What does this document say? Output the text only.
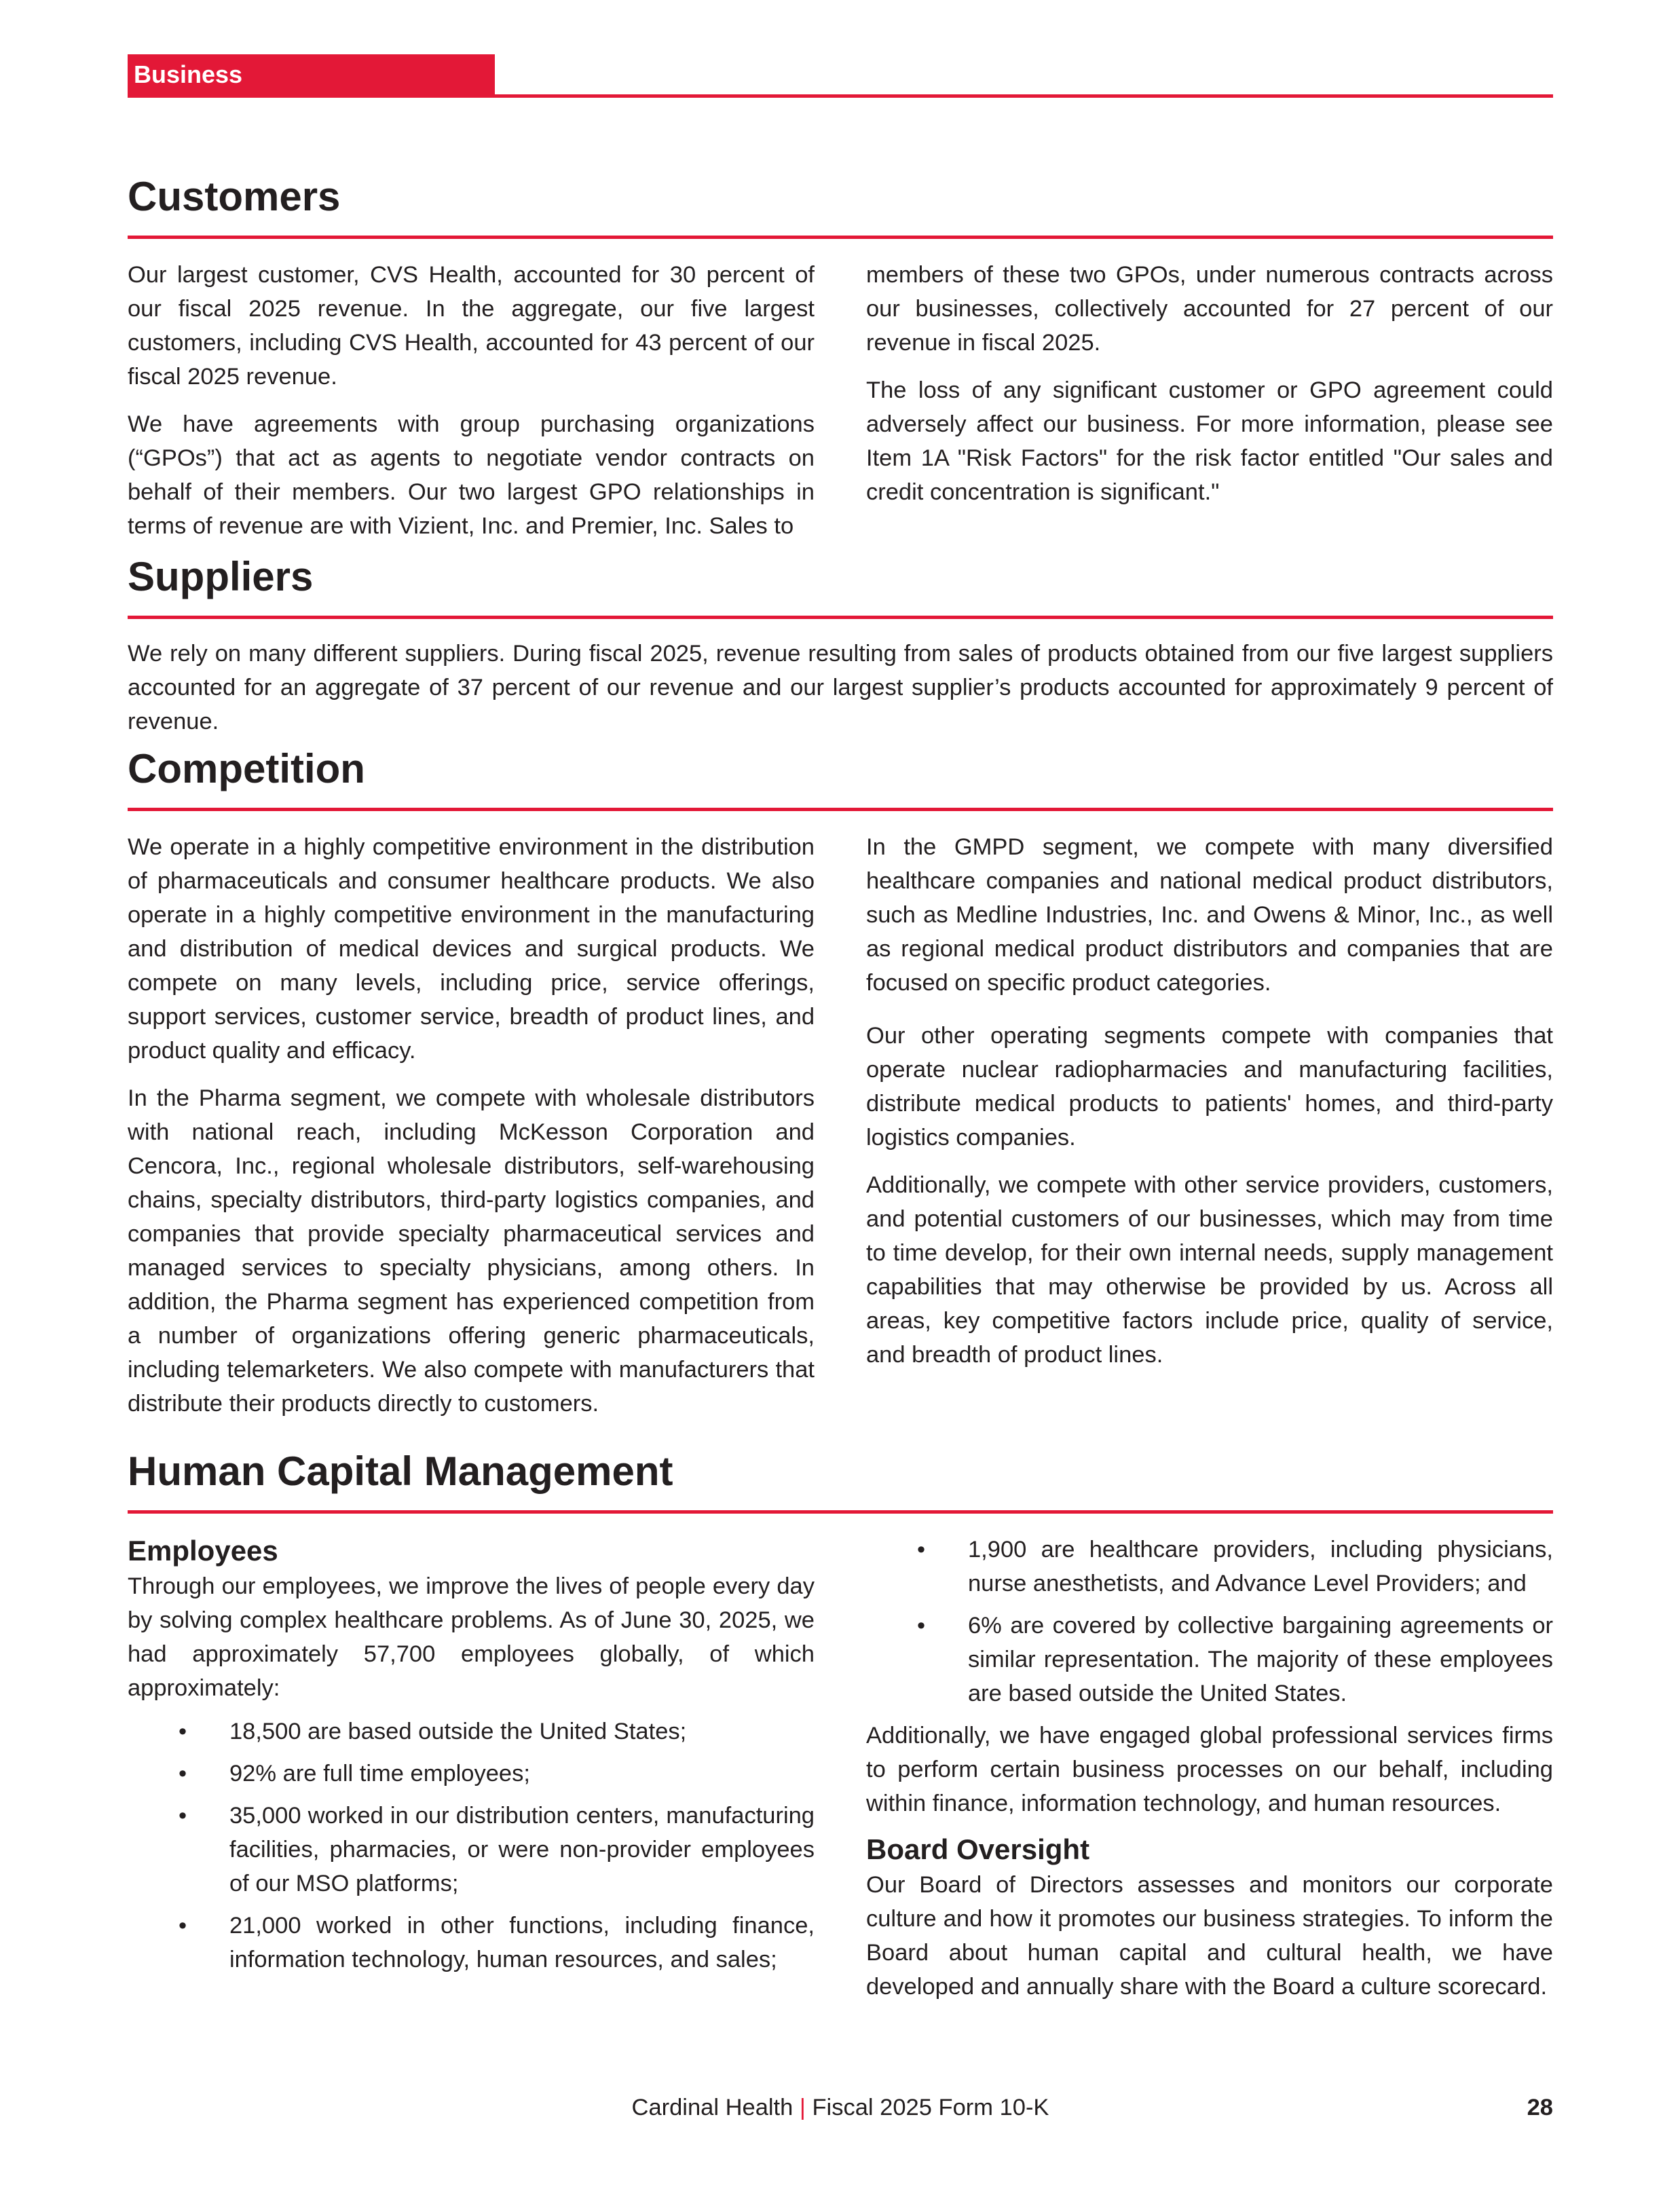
Business
Customers

Our largest customer, CVS Health, accounted for 30 percent of our fiscal 2025 revenue. In the aggregate, our five largest customers, including CVS Health, accounted for 43 percent of our fiscal 2025 revenue.

We have agreements with group purchasing organizations (“GPOs”) that act as agents to negotiate vendor contracts on behalf of their members. Our two largest GPO relationships in terms of revenue are with Vizient, Inc. and Premier, Inc. Sales to

members of these two GPOs, under numerous contracts across our businesses, collectively accounted for 27 percent of our revenue in fiscal 2025.

The loss of any significant customer or GPO agreement could adversely affect our business. For more information, please see Item 1A "Risk Factors" for the risk factor entitled "Our sales and credit concentration is significant."

Suppliers

We rely on many different suppliers. During fiscal 2025, revenue resulting from sales of products obtained from our five largest suppliers accounted for an aggregate of 37 percent of our revenue and our largest supplier’s products accounted for approximately 9 percent of revenue.

Competition

We operate in a highly competitive environment in the distribution of pharmaceuticals and consumer healthcare products. We also operate in a highly competitive environment in the manufacturing and distribution of medical devices and surgical products. We compete on many levels, including price, service offerings, support services, customer service, breadth of product lines, and product quality and efficacy.

In the Pharma segment, we compete with wholesale distributors with national reach, including McKesson Corporation and Cencora, Inc., regional wholesale distributors, self-warehousing chains, specialty distributors, third-party logistics companies, and companies that provide specialty pharmaceutical services and managed services to specialty physicians, among others. In addition, the Pharma segment has experienced competition from a number of organizations offering generic pharmaceuticals, including telemarketers. We also compete with manufacturers that distribute their products directly to customers.

In the GMPD segment, we compete with many diversified healthcare companies and national medical product distributors, such as Medline Industries, Inc. and Owens & Minor, Inc., as well as regional medical product distributors and companies that are focused on specific product categories.

Our other operating segments compete with companies that operate nuclear radiopharmacies and manufacturing facilities, distribute medical products to patients' homes, and third-party logistics companies.

Additionally, we compete with other service providers, customers, and potential customers of our businesses, which may from time to time develop, for their own internal needs, supply management capabilities that may otherwise be provided by us. Across all areas, key competitive factors include price, quality of service, and breadth of product lines.

Human Capital Management
Employees

Through our employees, we improve the lives of people every day by solving complex healthcare problems. As of June 30, 2025, we had approximately 57,700 employees globally, of which approximately:

• 18,500 are based outside the United States;
• 92% are full time employees;
• 35,000 worked in our distribution centers, manufacturing facilities, pharmacies, or were non-provider employees of our MSO platforms;
• 21,000 worked in other functions, including finance, information technology, human resources, and sales;
• 1,900 are healthcare providers, including physicians, nurse anesthetists, and Advance Level Providers; and
• 6% are covered by collective bargaining agreements or similar representation. The majority of these employees are based outside the United States.

Additionally, we have engaged global professional services firms to perform certain business processes on our behalf, including within finance, information technology, and human resources.

Board Oversight

Our Board of Directors assesses and monitors our corporate culture and how it promotes our business strategies. To inform the Board about human capital and cultural health, we have developed and annually share with the Board a culture scorecard.

Cardinal Health | Fiscal 2025 Form 10-K	28
